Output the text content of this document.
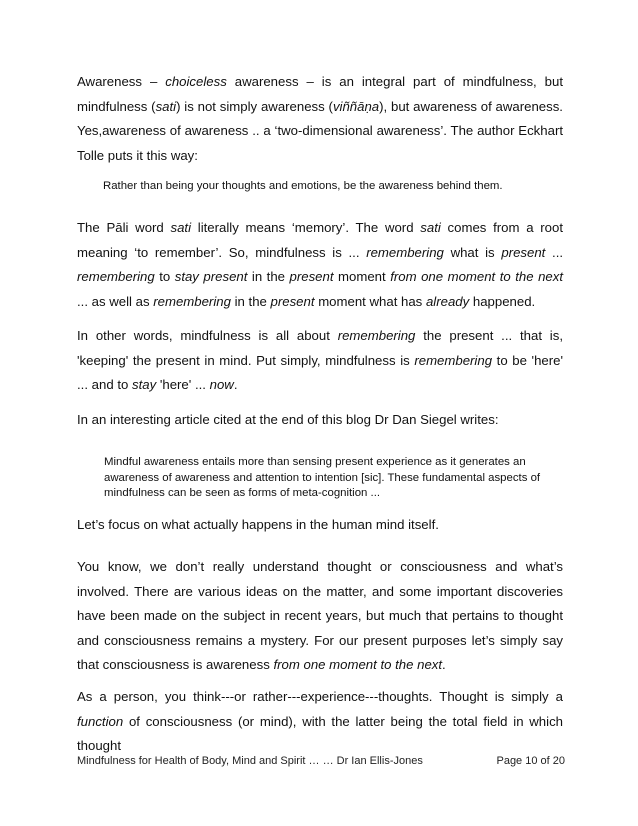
Awareness – choiceless awareness – is an integral part of mindfulness, but mindfulness (sati) is not simply awareness (viññāṇa), but awareness of awareness. Yes,awareness of awareness .. a ‘two-dimensional awareness’. The author Eckhart Tolle puts it this way:

Rather than being your thoughts and emotions, be the awareness behind them.

The Pāli word sati literally means ‘memory’. The word sati comes from a root meaning ‘to remember’. So, mindfulness is ... remembering what is present ... remembering to stay present in the present moment from one moment to the next ... as well as remembering in the present moment what has already happened.

In other words, mindfulness is all about remembering the present ... that is, 'keeping' the present in mind. Put simply, mindfulness is remembering to be 'here' ... and to stay 'here' ... now.

In an interesting article cited at the end of this blog Dr Dan Siegel writes:

Mindful awareness entails more than sensing present experience as it generates an awareness of awareness and attention to intention [sic]. These fundamental aspects of mindfulness can be seen as forms of meta-cognition ...

Let’s focus on what actually happens in the human mind itself.

You know, we don’t really understand thought or consciousness and what’s involved. There are various ideas on the matter, and some important discoveries have been made on the subject in recent years, but much that pertains to thought and consciousness remains a mystery. For our present purposes let’s simply say that consciousness is awareness from one moment to the next.

As a person, you think---or rather---experience---thoughts. Thought is simply a function of consciousness (or mind), with the latter being the total field in which thought

Mindfulness for Health of Body, Mind and Spirit … … Dr Ian Ellis-Jones	Page 10 of 20
